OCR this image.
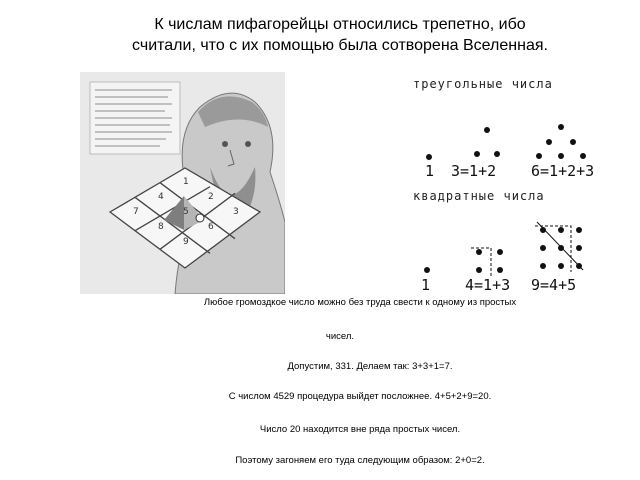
К числам пифагорейцы относились трепетно, ибо
считали, что с их помощью была сотворена Вселенная.
1
2
3
4
5
6
7
8
9
треугольные числа
1 3=1+2 6=1+2+3
квадратные числа
1 4=1+3 9=4+5
Любое громоздкое число можно без труда свести к одному из простых
чисел.
Допустим, 331. Делаем так: 3+3+1=7.
С числом 4529 процедура выйдет посложнее. 4+5+2+9=20.
Число 20 находится вне ряда простых чисел.
Поэтому загоняем его туда следующим образом: 2+0=2.
